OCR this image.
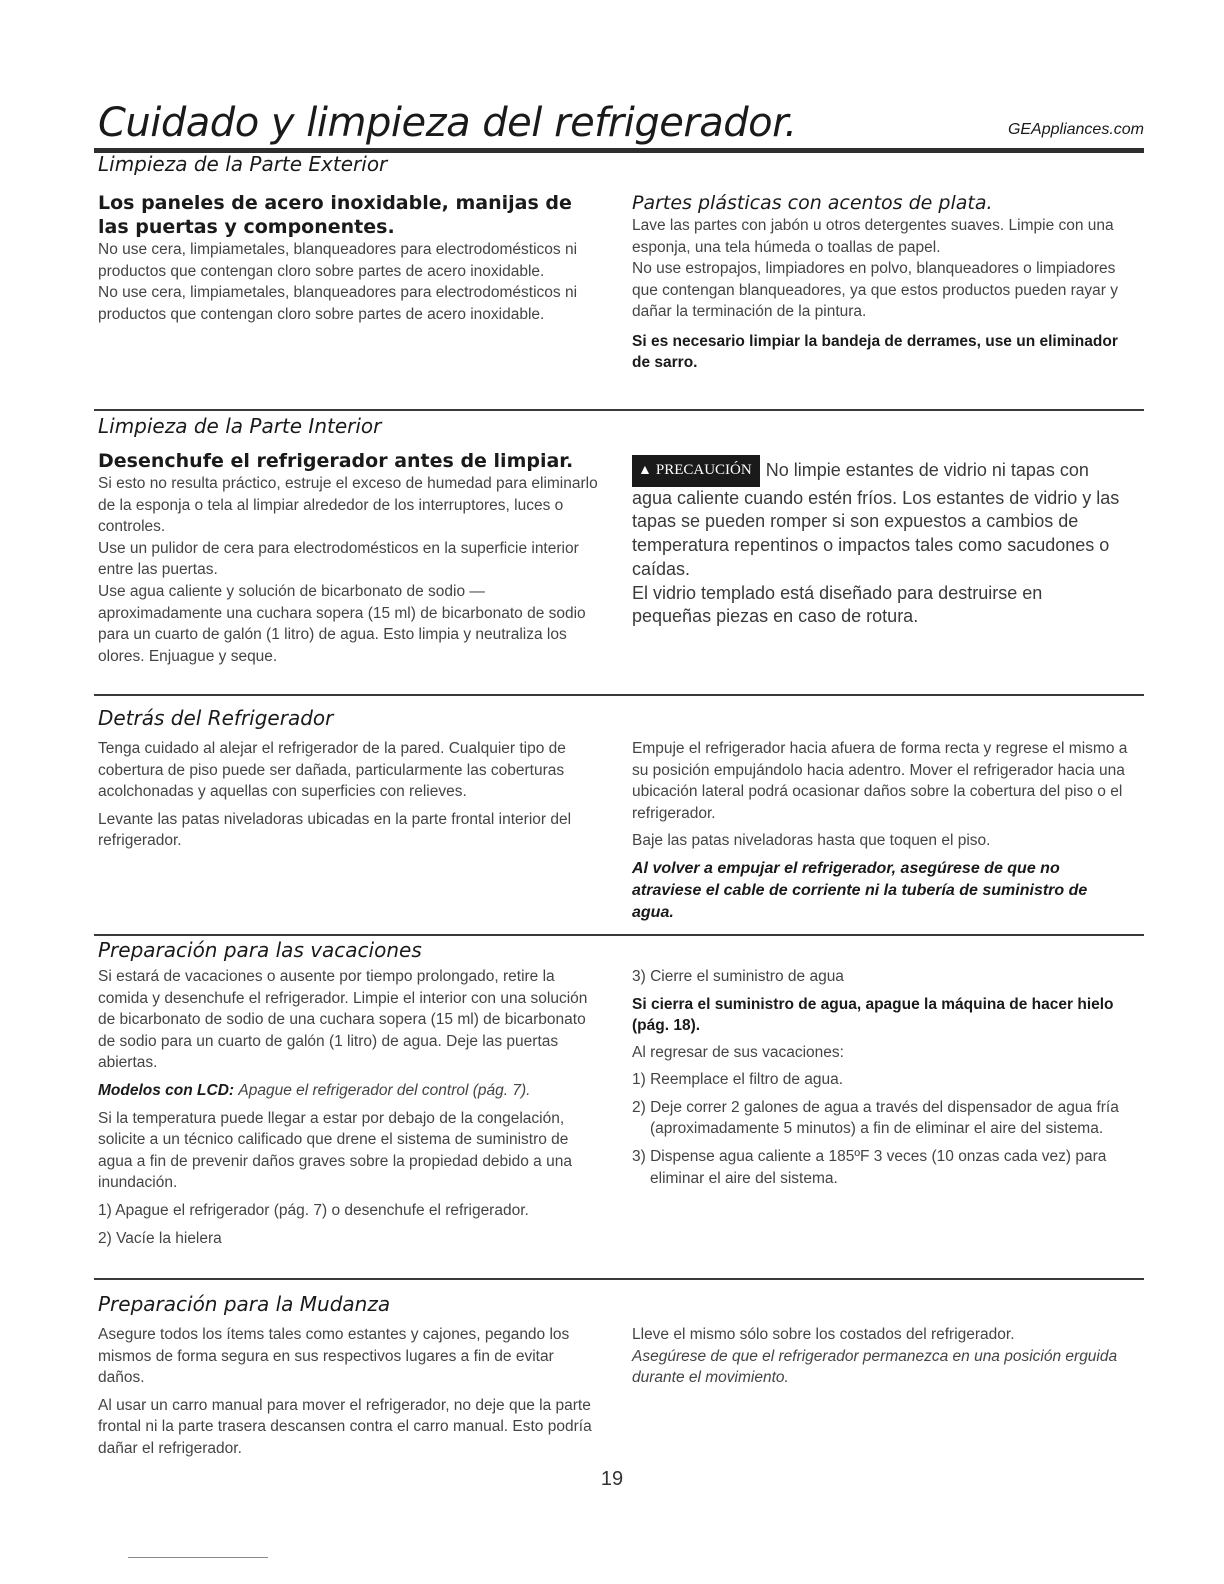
Cuidado y limpieza del refrigerador.	GEAppliances.com
Limpieza de la Parte Exterior
Los paneles de acero inoxidable, manijas de las puertas y componentes.

No use cera, limpiametales, blanqueadores para electrodomésticos ni productos que contengan cloro sobre partes de acero inoxidable.

No use cera, limpiametales, blanqueadores para electrodomésticos ni productos que contengan cloro sobre partes de acero inoxidable.

Partes plásticas con acentos de plata.

Lave las partes con jabón u otros detergentes suaves. Limpie con una esponja, una tela húmeda o toallas de papel.

No use estropajos, limpiadores en polvo, blanqueadores o limpiadores que contengan blanqueadores, ya que estos productos pueden rayar y dañar la terminación de la pintura.

Si es necesario limpiar la bandeja de derrames, use un eliminador de sarro.
Limpieza de la Parte Interior
Desenchufe el refrigerador antes de limpiar.

Si esto no resulta práctico, estruje el exceso de humedad para eliminarlo de la esponja o tela al limpiar alrededor de los interruptores, luces o controles.

Use un pulidor de cera para electrodomésticos en la superficie interior entre las puertas.

Use agua caliente y solución de bicarbonato de sodio — aproximadamente una cuchara sopera (15 ml) de bicarbonato de sodio para un cuarto de galón (1 litro) de agua. Esto limpia y neutraliza los olores. Enjuague y seque.

▲ PRECAUCIÓN No limpie estantes de vidrio ni tapas con agua caliente cuando estén fríos. Los estantes de vidrio y las tapas se pueden romper si son expuestos a cambios de temperatura repentinos o impactos tales como sacudones o caídas.
El vidrio templado está diseñado para destruirse en pequeñas piezas en caso de rotura.
Detrás del Refrigerador

Tenga cuidado al alejar el refrigerador de la pared. Cualquier tipo de cobertura de piso puede ser dañada, particularmente las coberturas acolchonadas y aquellas con superficies con relieves.

Levante las patas niveladoras ubicadas en la parte frontal interior del refrigerador.

Empuje el refrigerador hacia afuera de forma recta y regrese el mismo a su posición empujándolo hacia adentro. Mover el refrigerador hacia una ubicación lateral podrá ocasionar daños sobre la cobertura del piso o el refrigerador.

Baje las patas niveladoras hasta que toquen el piso.

Al volver a empujar el refrigerador, asegúrese de que no atraviese el cable de corriente ni la tubería de suministro de agua.
Preparación para las vacaciones

Si estará de vacaciones o ausente por tiempo prolongado, retire la comida y desenchufe el refrigerador. Limpie el interior con una solución de bicarbonato de sodio de una cuchara sopera (15 ml) de bicarbonato de sodio para un cuarto de galón (1 litro) de agua. Deje las puertas abiertas.

Modelos con LCD: Apague el refrigerador del control (pág. 7).

Si la temperatura puede llegar a estar por debajo de la congelación, solicite a un técnico calificado que drene el sistema de suministro de agua a fin de prevenir daños graves sobre la propiedad debido a una inundación.

1) Apague el refrigerador (pág. 7) o desenchufe el refrigerador.

2) Vacíe la hielera

3) Cierre el suministro de agua

Si cierra el suministro de agua, apague la máquina de hacer hielo (pág. 18).

Al regresar de sus vacaciones:

1) Reemplace el filtro de agua.

2) Deje correr 2 galones de agua a través del dispensador de agua fría (aproximadamente 5 minutos) a fin de eliminar el aire del sistema.

3) Dispense agua caliente a 185ºF 3 veces (10 onzas cada vez) para eliminar el aire del sistema.

Preparación para la Mudanza

Asegure todos los ítems tales como estantes y cajones, pegando los mismos de forma segura en sus respectivos lugares a fin de evitar daños.

Al usar un carro manual para mover el refrigerador, no deje que la parte frontal ni la parte trasera descansen contra el carro manual. Esto podría dañar el refrigerador.

Lleve el mismo sólo sobre los costados del refrigerador.

Asegúrese de que el refrigerador permanezca en una posición erguida durante el movimiento.

19
